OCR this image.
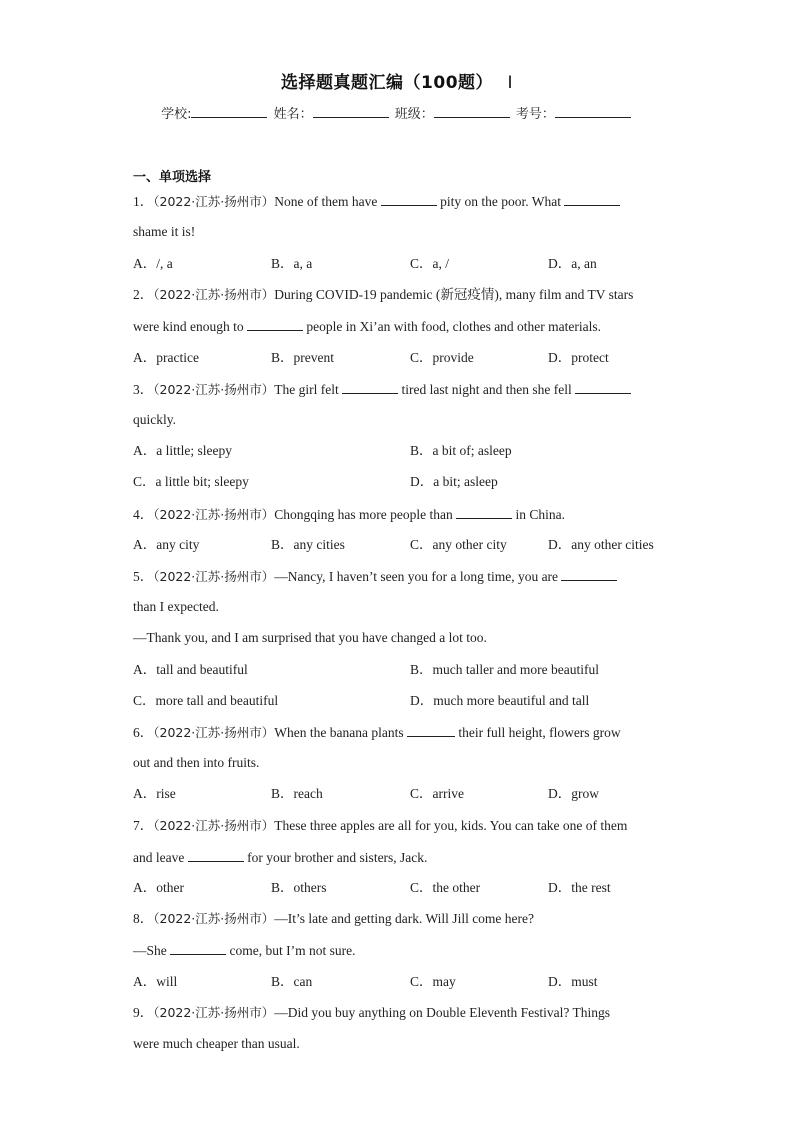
选择题真题汇编（100题） I
学校:	姓名：	班级：	考号：
一、单项选择
1．（2022·江苏·扬州市）None of them have	pity on the poor. What
shame it is!
A．/, a	B．a, a	C．a, /	D．a, an
2．（2022·江苏·扬州市）During COVID-19 pandemic (新冠疫情), many film and TV stars
were kind enough to	people in Xi’an with food, clothes and other materials.
A．practice	B．prevent	C．provide	D．protect
3．（2022·江苏·扬州市）The girl felt	tired last night and then she fell
quickly.
A．a little; sleepy	B．a bit of; asleep
C．a little bit; sleepy	D．a bit; asleep
4．（2022·江苏·扬州市）Chongqing has more people than	in China.
A．any city	B．any cities	C．any other city	D．any other cities
5．（2022·江苏·扬州市）—Nancy, I haven’t seen you for a long time, you are
than I expected.
—Thank you, and I am surprised that you have changed a lot too.
A．tall and beautiful	B．much taller and more beautiful
C．more tall and beautiful	D．much more beautiful and tall
6．（2022·江苏·扬州市）When the banana plants	their full height, flowers grow
out and then into fruits.
A．rise	B．reach	C．arrive	D．grow
7．（2022·江苏·扬州市）These three apples are all for you, kids. You can take one of them
and leave	for your brother and sisters, Jack.
A．other	B．others	C．the other	D．the rest
8．（2022·江苏·扬州市）—It’s late and getting dark. Will Jill come here?
—She	come, but I’m not sure.
A．will	B．can	C．may	D．must
9．（2022·江苏·扬州市）—Did you buy anything on Double Eleventh Festival? Things
were much cheaper than usual.
